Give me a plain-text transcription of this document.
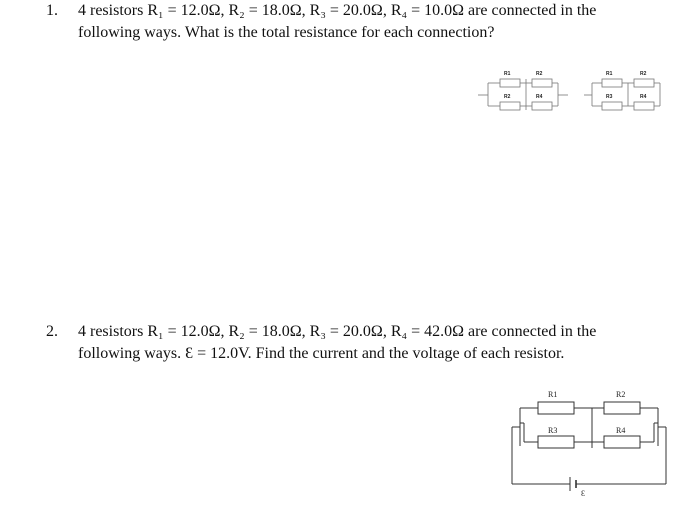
1. 4 resistors R₁ = 12.0Ω, R₂ = 18.0Ω, R₃ = 20.0Ω, R₄ = 10.0Ω are connected in the
following ways. What is the total resistance for each connection?
R1	R2
R2	R4
R1	R2
R3	R4
2. 4 resistors R₁ = 12.0Ω, R₂ = 18.0Ω, R₃ = 20.0Ω, R₄ = 42.0Ω are connected in the
following ways. Ɛ = 12.0V. Find the current and the voltage of each resistor.
R1	R2
R3	R4
Ɛ
